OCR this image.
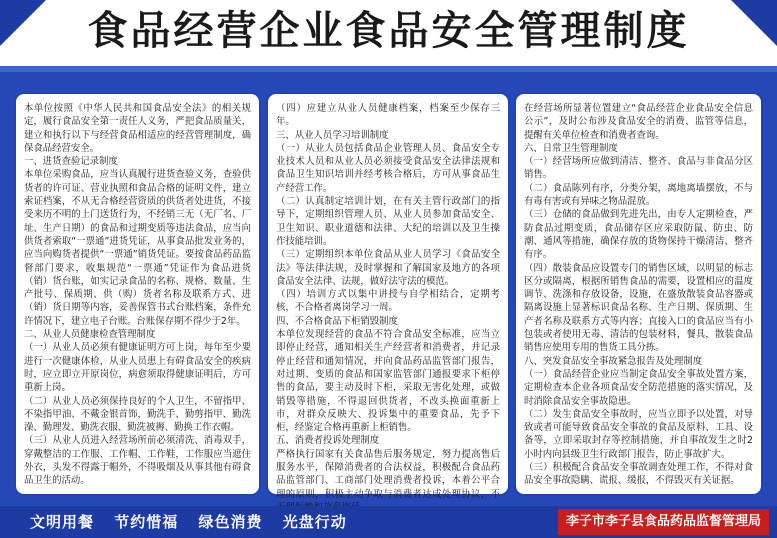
食品经营企业食品安全管理制度

本单位按照《中华人民共和国食品安全法》的相关规定，履行食品安全第一责任人义务，严把食品质量关，建立和执行以下与经营食品相适应的经营管理制度，确保食品经营安全。

一、进货查验记录制度

本单位采购食品，应当认真履行进货查验义务，查验供货者的许可证、营业执照和食品合格的证明文件，建立索证档案，不从无合格经营资质的供货者处进货，不接受来历不明的上门送货行为，不经销三无（无厂名、厂址、生产日期）的食品和过期变质等违法食品，应当向供货者索取“一票通”进货凭证，从事食品批发业务的，应当向购货者提供“一票通”销货凭证。要按食品药品监督部门要求，收集规范“一票通”凭证作为食品进货（销）货台账，如实记录食品的名称、规格、数量、生产批号、保质期、供（购）货者名称及联系方式、进（销）货日期等内容，妥善保管书式台账档案，条件允许情况下，建立电子台账。台账保存期不得少于2年。

二、从业人员健康检查管理制度

（一）从业人员必须有健康证明方可上岗，每年至少要进行一次健康体检，从业人员患上有碍食品安全的疾病时，应立即立开原岗位，病愈须取得健康证明后，方可重新上岗。

（二）从业人员必须保持良好的个人卫生，不留指甲、不染指甲油、不戴金银首饰，勤洗手、勤剪指甲、勤洗澡、勤理发、勤洗衣服、勤洗被褥、勤换工作衣帽。

（三）从业人员进入经营场所前必须清洗、消毒双手，穿戴整洁的工作服、工作帽、工作鞋，工作服应当遮住外衣，头发不得露于帽外，不得吸烟及从事其他有碍食品卫生的活动。

（四）应建立从业人员健康档案，档案至少保存三年。

三、从业人员学习培训制度

（一）从业人员包括食品企业管理人员、食品安全专业技术人员和从业人员必须接受食品安全法律法规和食品卫生知识培训并经考核合格后，方可从事食品生产经营工作。

（二）认真制定培训计划，在有关主管行政部门的指导下，定期组织管理人员、从业人员参加食品安全、卫生知识、职业道德和法律、大纪的培训以及卫生操作技能培训。

（三）定期组织本单位食品从业人员学习《食品安全法》等法律法规，及时掌握和了解国家及地方的各项食品安全法律、法规，做好法守法的模范。

（四）培训方式以集中讲授与自学相结合，定期考核，不合格者离岗学习一周。

四、不合格食品下柜销毁制度

本单位发现经营的食品不符合食品安全标准，应当立即停止经营，通知相关生产经营者和消费者，并记录停止经营和通知情况，并向食品药品监管部门报告，对过期、变质的食品和国家监管部门通报要求下柜停售的食品，要主动及时下柜，采取无害化处理，或做销毁等措施，不得退回供货者，不改头换面重新上市，对群众反映大、投诉集中的重要食品，先予下柜，经鉴定合格再重新上柜销售。

五、消费者投诉处理制度

严格执行国家有关食品售后服务规定，努力提高售后服务水平，保障消费者的合法权益，积极配合食品药品监管部门、工商部门处理消费者投诉，本着公平合理的原则，积极主动争取与消费者达成处理协议，不

在经营场所显著位置建立“食品经营企业食品安全信息公示”，及时公布涉及食品安全的消费、监管等信息，提醒有关单位检查和消费者查询。

六、日常卫生管理制度

（一）经营场所应做到清洁、整齐、食品与非食品分区销售。

（二）食品陈列有序，分类分架，离地离墙摆放，不与有毒有害或有异味之物品混放。

（三）仓储的食品做到先进先出，由专人定期检查，严防食品过期变质，食品储存区应采取防鼠、防虫、防潮、通风等措施，确保存放的货物保持干燥清洁、整齐有序。

（四）散装食品应设置专门的销售区域，以明显的标志区分或隔离，根据所销售食品的需要，设置相应的温度调节、洗涤和存放设备，设施，在盛放散装食品容器或隔离设施上显著标识食品名称、生产日期、保质期、生产者名称及联系方式等内容；直接入口的食品应当有小包装或者使用无毒、清洁的包装材料，餐具，散装食品销售应使用专用的售货工具分拣。

八、突发食品安全事故紧急报告及处理制度

（一）食品经营企业应当制定食品安全事故处置方案，定期检查本企业各项食品安全防范措施的落实情况，及时消除食品安全事故隐患。

（二）发生食品安全事故时，应当立即予以处置，对导致或者可能导致食品安全事故的食品及原料、工具、设备等，立即采取封存等控制措施，并自事故发生之时2小时内向县级卫生行政部门报告，防止事故扩大。

（三）积极配合食品安全事故调查处理工作，不得对食品安全事故隐瞒、谎报、缓报，不得毁灭有关证据。

文明用餐 节约惜福 绿色消费 光盘行动	李子市李子县食品药品监督管理局
